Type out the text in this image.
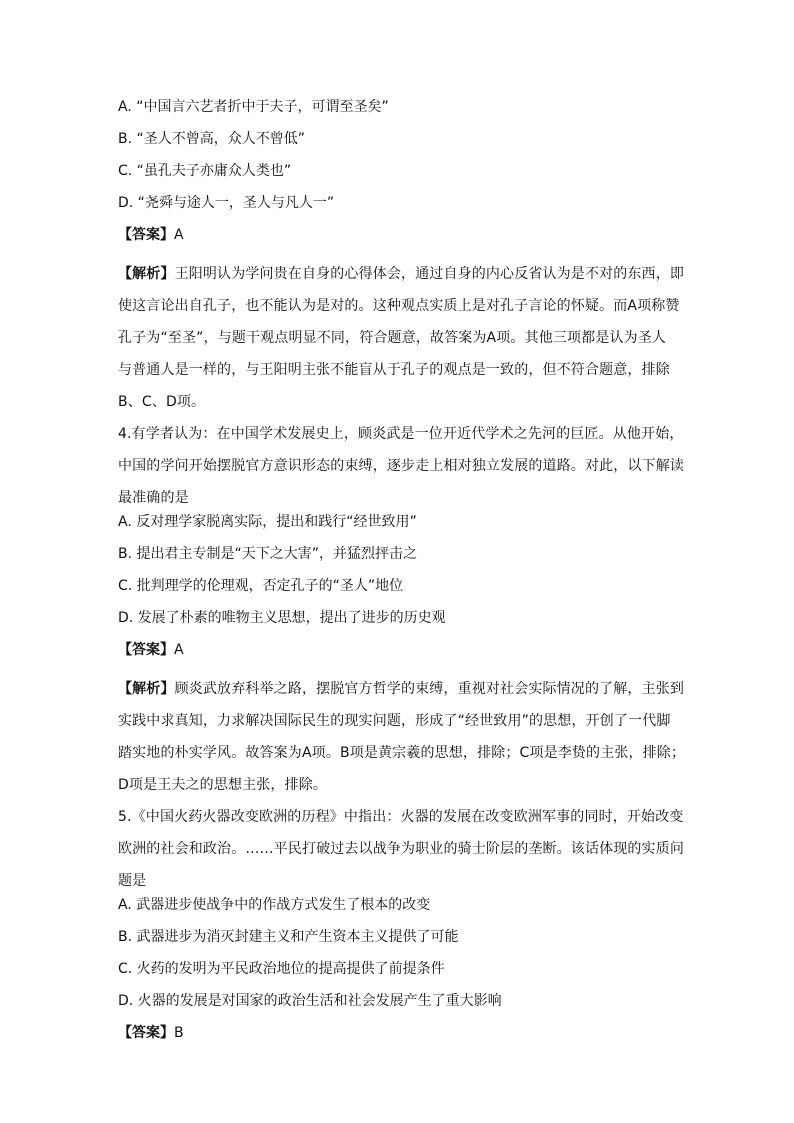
A. “中国言六艺者折中于夫子，可谓至圣矣”
B. “圣人不曾高，众人不曾低”
C. “虽孔夫子亦庸众人类也”
D. “尧舜与途人一，圣人与凡人一”
【答案】A
【解析】王阳明认为学问贵在自身的心得体会，通过自身的内心反省认为是不对的东西，即
使这言论出自孔子，也不能认为是对的。这种观点实质上是对孔子言论的怀疑。而A项称赞
孔子为“至圣”，与题干观点明显不同，符合题意，故答案为A项。其他三项都是认为圣人
与普通人是一样的，与王阳明主张不能盲从于孔子的观点是一致的，但不符合题意，排除
B、C、D项。
4.有学者认为：在中国学术发展史上，顾炎武是一位开近代学术之先河的巨匠。从他开始，
中国的学问开始摆脱官方意识形态的束缚，逐步走上相对独立发展的道路。对此，以下解读
最准确的是
A. 反对理学家脱离实际，提出和践行“经世致用”
B. 提出君主专制是“天下之大害”，并猛烈抨击之
C. 批判理学的伦理观，否定孔子的“圣人”地位
D. 发展了朴素的唯物主义思想，提出了进步的历史观
【答案】A
【解析】顾炎武放弃科举之路，摆脱官方哲学的束缚，重视对社会实际情况的了解，主张到
实践中求真知，力求解决国际民生的现实问题，形成了“经世致用”的思想，开创了一代脚
踏实地的朴实学风。故答案为A项。B项是黄宗羲的思想，排除；C项是李贽的主张，排除；
D项是王夫之的思想主张，排除。
5.《中国火药火器改变欧洲的历程》中指出：火器的发展在改变欧洲军事的同时，开始改变
欧洲的社会和政治。……平民打破过去以战争为职业的骑士阶层的垄断。该话体现的实质问
题是
A. 武器进步使战争中的作战方式发生了根本的改变
B. 武器进步为消灭封建主义和产生资本主义提供了可能
C. 火药的发明为平民政治地位的提高提供了前提条件
D. 火器的发展是对国家的政治生活和社会发展产生了重大影响
【答案】B
